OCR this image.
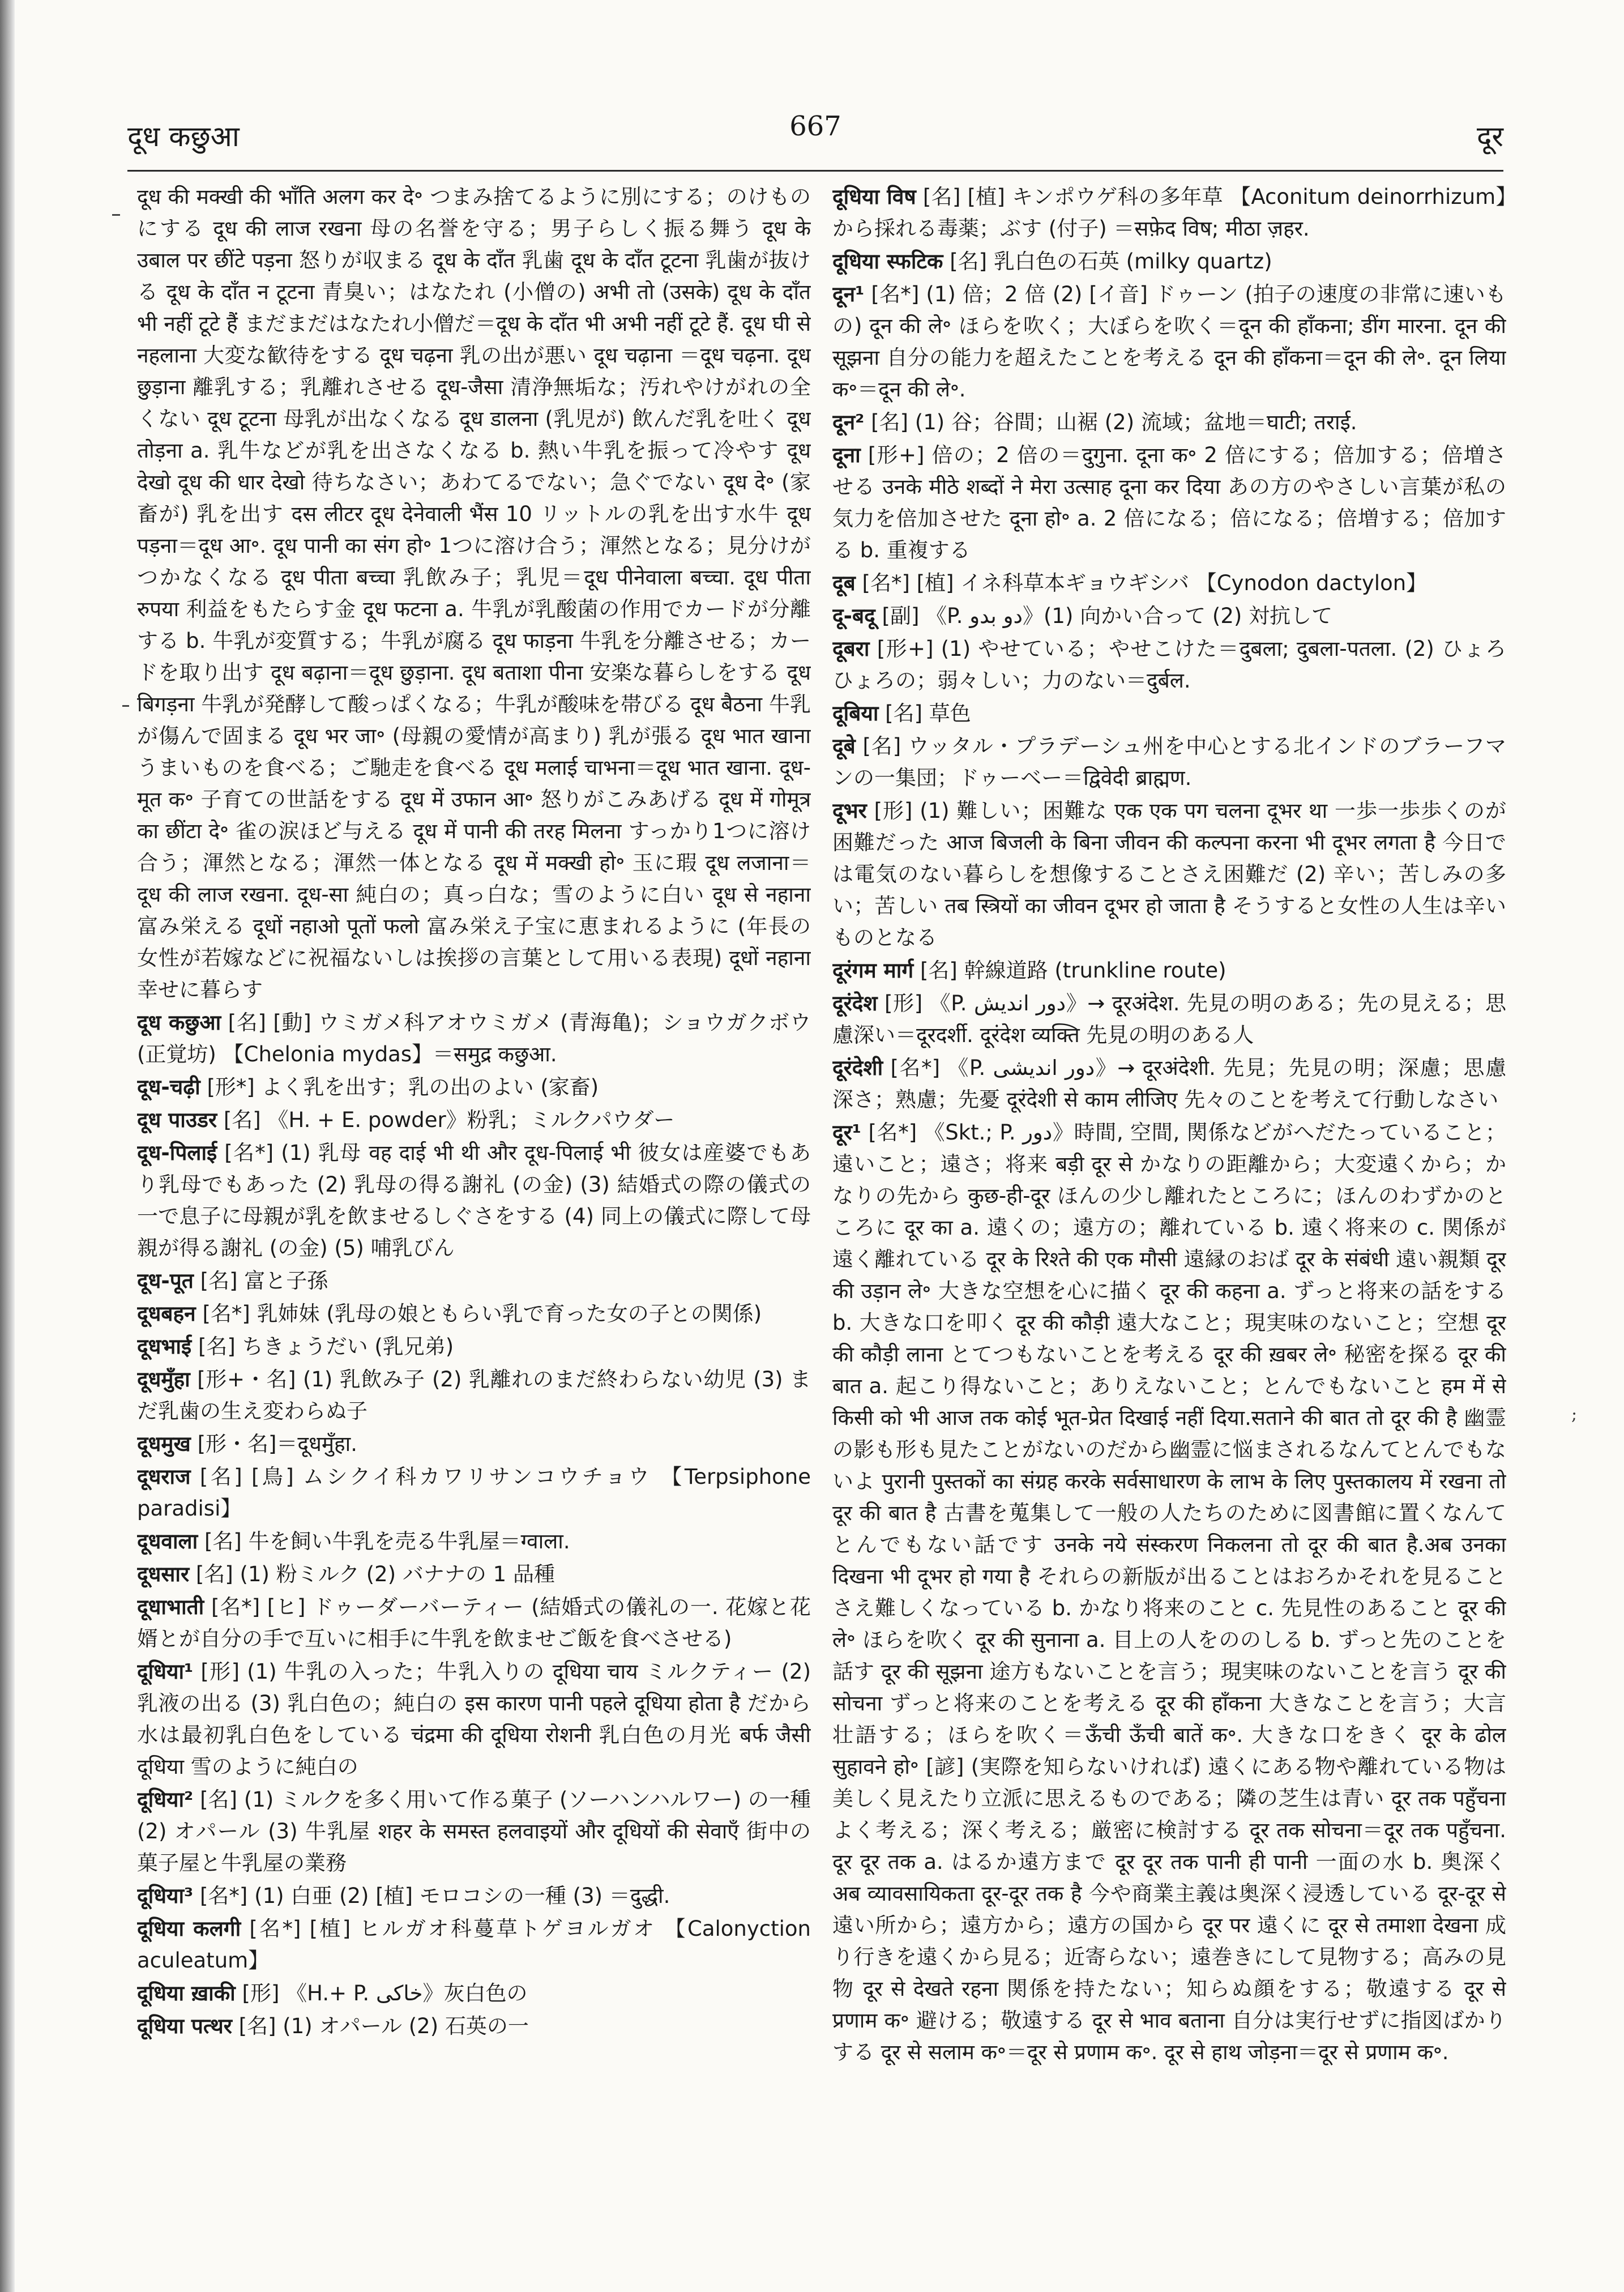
दूध कछुआ	667	दूर
;

दूध की मक्खी की भाँति अलग कर दे॰ つまみ捨てるように別にする；のけものにする दूध की लाज रखना 母の名誉を守る；男子らしく振る舞う दूध के उबाल पर छींटे पड़ना 怒りが収まる दूध के दाँत 乳歯 दूध के दाँत टूटना 乳歯が抜ける दूध के दाँत न टूटना 青臭い；はなたれ (小僧の) अभी तो (उसके) दूध के दाँत भी नहीं टूटे हैं まだまだはなたれ小僧だ＝दूध के दाँत भी अभी नहीं टूटे हैं. दूध घी से नहलाना 大変な歓待をする दूध चढ़ना 乳の出が悪い दूध चढ़ाना ＝दूध चढ़ना. दूध छुड़ाना 離乳する；乳離れさせる दूध-जैसा 清浄無垢な；汚れやけがれの全くない दूध टूटना 母乳が出なくなる दूध डालना (乳児が) 飲んだ乳を吐く दूध तोड़ना a. 乳牛などが乳を出さなくなる b. 熱い牛乳を振って冷やす दूध देखो दूध की धार देखो 待ちなさい；あわてるでない；急ぐでない दूध दे॰ (家畜が) 乳を出す दस लीटर दूध देनेवाली भैंस 10 リットルの乳を出す水牛 दूध पड़ना＝दूध आ॰. दूध पानी का संग हो॰ 1つに溶け合う；渾然となる；見分けがつかなくなる दूध पीता बच्चा 乳飲み子；乳児＝दूध पीनेवाला बच्चा. दूध पीता रुपया 利益をもたらす金 दूध फटना a. 牛乳が乳酸菌の作用でカードが分離する b. 牛乳が変質する；牛乳が腐る दूध फाड़ना 牛乳を分離させる；カードを取り出す दूध बढ़ाना＝दूध छुड़ाना. दूध बताशा पीना 安楽な暮らしをする दूध बिगड़ना 牛乳が発酵して酸っぱくなる；牛乳が酸味を帯びる दूध बैठना 牛乳が傷んで固まる दूध भर जा॰ (母親の愛情が高まり) 乳が張る दूध भात खाना うまいものを食べる；ご馳走を食べる दूध मलाई चाभना＝दूध भात खाना. दूध-मूत क॰ 子育ての世話をする दूध में उफान आ॰ 怒りがこみあげる दूध में गोमूत्र का छींटा दे॰ 雀の涙ほど与える दूध में पानी की तरह मिलना すっかり1つに溶け合う；渾然となる；渾然一体となる दूध में मक्खी हो॰ 玉に瑕 दूध लजाना＝दूध की लाज रखना. दूध-सा 純白の；真っ白な；雪のように白い दूध से नहाना 富み栄える दूधों नहाओ पूतों फलो 富み栄え子宝に恵まれるように (年長の女性が若嫁などに祝福ないしは挨拶の言葉として用いる表現) दूधों नहाना 幸せに暮らす

दूध कछुआ [名] [動] ウミガメ科アオウミガメ (青海亀)；ショウガクボウ (正覚坊) 【Chelonia mydas】＝समुद्र कछुआ.

दूध-चढ़ी [形*] よく乳を出す；乳の出のよい (家畜)

दूध पाउडर [名] 《H. + E. powder》粉乳；ミルクパウダー

दूध-पिलाई [名*] (1) 乳母 वह दाई भी थी और दूध-पिलाई भी 彼女は産婆でもあり乳母でもあった (2) 乳母の得る謝礼 (の金) (3) 結婚式の際の儀式の一で息子に母親が乳を飲ませるしぐさをする (4) 同上の儀式に際して母親が得る謝礼 (の金) (5) 哺乳びん

दूध-पूत [名] 富と子孫

दूधबहन [名*] 乳姉妹 (乳母の娘ともらい乳で育った女の子との関係)

दूधभाई [名] ちきょうだい (乳兄弟)

दूधमुँहा [形+・名] (1) 乳飲み子 (2) 乳離れのまだ終わらない幼児 (3) まだ乳歯の生え変わらぬ子

दूधमुख [形・名]＝दूधमुँहा.

दूधराज [名] [鳥] ムシクイ科カワリサンコウチョウ 【Terpsiphone paradisi】

दूधवाला [名] 牛を飼い牛乳を売る牛乳屋＝ग्वाला.

दूधसार [名] (1) 粉ミルク (2) バナナの 1 品種

दूधाभाती [名*] [ヒ] ドゥーダーバーティー (結婚式の儀礼の一. 花嫁と花婿とが自分の手で互いに相手に牛乳を飲ませご飯を食べさせる)

दूधिया¹ [形] (1) 牛乳の入った；牛乳入りの दूधिया चाय ミルクティー (2) 乳液の出る (3) 乳白色の；純白の इस कारण पानी पहले दूधिया होता है だから水は最初乳白色をしている चंद्रमा की दूधिया रोशनी 乳白色の月光 बर्फ जैसी दूधिया 雪のように純白の

दूधिया² [名] (1) ミルクを多く用いて作る菓子 (ソーハンハルワー) の一種 (2) オパール (3) 牛乳屋 शहर के समस्त हलवाइयों और दूधियों की सेवाएँ 街中の菓子屋と牛乳屋の業務

दूधिया³ [名*] (1) 白亜 (2) [植] モロコシの一種 (3) ＝दुद्धी.

दूधिया कलगी [名*] [植] ヒルガオ科蔓草トゲヨルガオ 【Calonyction aculeatum】

दूधिया ख़ाकी [形] 《H.+ P. خاکی》灰白色の

दूधिया पत्थर [名] (1) オパール (2) 石英の一

दूधिया विष [名] [植] キンポウゲ科の多年草 【Aconitum deinorrhizum】から採れる毒薬；ぶす (付子) ＝सफ़ेद विष; मीठा ज़हर.

दूधिया स्फटिक [名] 乳白色の石英 (milky quartz)

दून¹ [名*] (1) 倍；2 倍 (2) [イ音] ドゥーン (拍子の速度の非常に速いもの) दून की ले॰ ほらを吹く；大ぼらを吹く＝दून की हाँकना; डींग मारना. दून की सूझना 自分の能力を超えたことを考える दून की हाँकना＝दून की ले॰. दून लिया क॰＝दून की ले॰.

दून² [名] (1) 谷；谷間；山裾 (2) 流域；盆地＝घाटी; तराई.

दूना [形+] 倍の；2 倍の＝दुगुना. दूना क॰ 2 倍にする；倍加する；倍増させる उनके मीठे शब्दों ने मेरा उत्साह दूना कर दिया あの方のやさしい言葉が私の気力を倍加させた दूना हो॰ a. 2 倍になる；倍になる；倍増する；倍加する b. 重複する

दूब [名*] [植] イネ科草本ギョウギシバ 【Cynodon dactylon】

दू-बदू [副] 《P. دو بدو》(1) 向かい合って (2) 対抗して

दूबरा [形+] (1) やせている；やせこけた＝दुबला; दुबला-पतला. (2) ひょろひょろの；弱々しい；力のない＝दुर्बल.

दूबिया [名] 草色

दूबे [名] ウッタル・プラデーシュ州を中心とする北インドのブラーフマンの一集団；ドゥーベー＝द्विवेदी ब्राह्मण.

दूभर [形] (1) 難しい；困難な एक एक पग चलना दूभर था 一歩一歩歩くのが困難だった आज बिजली के बिना जीवन की कल्पना करना भी दूभर लगता है 今日では電気のない暮らしを想像することさえ困難だ (2) 辛い；苦しみの多い；苦しい तब स्त्रियों का जीवन दूभर हो जाता है そうすると女性の人生は辛いものとなる

दूरंगम मार्ग [名] 幹線道路 (trunkline route)

दूरंदेश [形] 《P. دور اندیش》→ दूरअंदेश. 先見の明のある；先の見える；思慮深い＝दूरदर्शी. दूरंदेश व्यक्ति 先見の明のある人

दूरंदेशी [名*] 《P. دور اندیشی》→ दूरअंदेशी. 先見；先見の明；深慮；思慮深さ；熟慮；先憂 दूरंदेशी से काम लीजिए 先々のことを考えて行動しなさい

दूर¹ [名*] 《Skt.; P. دور》時間, 空間, 関係などがへだたっていること；遠いこと；遠さ；将来 बड़ी दूर से かなりの距離から；大変遠くから；かなりの先から कुछ-ही-दूर ほんの少し離れたところに；ほんのわずかのところに दूर का a. 遠くの；遠方の；離れている b. 遠く将来の c. 関係が遠く離れている दूर के रिश्ते की एक मौसी 遠縁のおば दूर के संबंधी 遠い親類 दूर की उड़ान ले॰ 大きな空想を心に描く दूर की कहना a. ずっと将来の話をする b. 大きな口を叩く दूर की कौड़ी 遠大なこと；現実味のないこと；空想 दूर की कौड़ी लाना とてつもないことを考える दूर की ख़बर ले॰ 秘密を探る दूर की बात a. 起こり得ないこと；ありえないこと；とんでもないこと हम में से किसी को भी आज तक कोई भूत-प्रेत दिखाई नहीं दिया.सताने की बात तो दूर की है 幽霊の影も形も見たことがないのだから幽霊に悩まされるなんてとんでもないよ पुरानी पुस्तकों का संग्रह करके सर्वसाधारण के लाभ के लिए पुस्तकालय में रखना तो दूर की बात है 古書を蒐集して一般の人たちのために図書館に置くなんてとんでもない話です उनके नये संस्करण निकलना तो दूर की बात है.अब उनका दिखना भी दूभर हो गया है それらの新版が出ることはおろかそれを見ることさえ難しくなっている b. かなり将来のこと c. 先見性のあること दूर की ले॰ ほらを吹く दूर की सुनाना a. 目上の人をののしる b. ずっと先のことを話す दूर की सूझना 途方もないことを言う；現実味のないことを言う दूर की सोचना ずっと将来のことを考える दूर की हाँकना 大きなことを言う；大言壮語する；ほらを吹く＝ऊँची ऊँची बातें क॰. 大きな口をきく दूर के ढोल सुहावने हो॰ [諺] (実際を知らないければ) 遠くにある物や離れている物は美しく見えたり立派に思えるものである；隣の芝生は青い दूर तक पहुँचना よく考える；深く考える；厳密に検討する दूर तक सोचना＝दूर तक पहुँचना. दूर दूर तक a. はるか遠方まで दूर दूर तक पानी ही पानी 一面の水 b. 奥深く अब व्यावसायिकता दूर-दूर तक है 今や商業主義は奥深く浸透している दूर-दूर से 遠い所から；遠方から；遠方の国から दूर पर 遠くに दूर से तमाशा देखना 成り行きを遠くから見る；近寄らない；遠巻きにして見物する；高みの見物 दूर से देखते रहना 関係を持たない；知らぬ顔をする；敬遠する दूर से प्रणाम क॰ 避ける；敬遠する दूर से भाव बताना 自分は実行せずに指図ばかりする दूर से सलाम क॰＝दूर से प्रणाम क॰. दूर से हाथ जोड़ना＝दूर से प्रणाम क॰.
